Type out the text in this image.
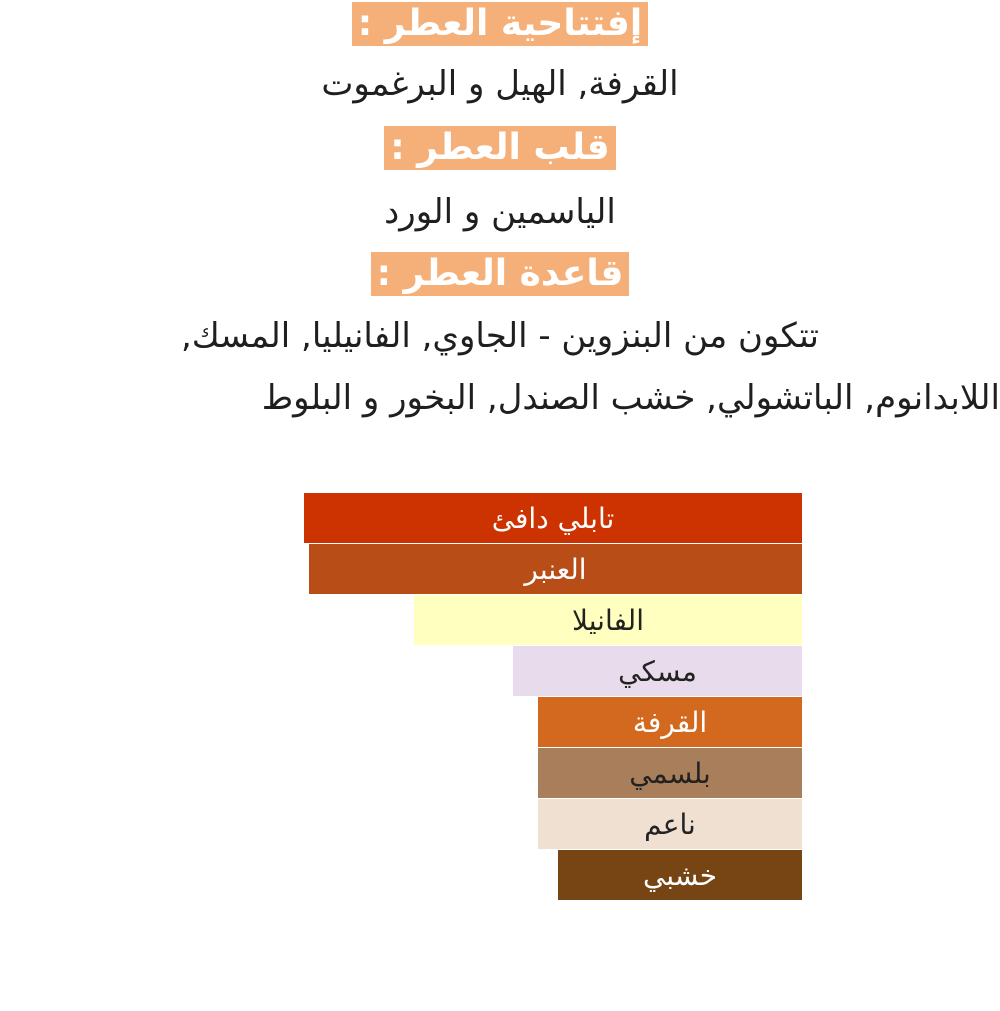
إفتتاحية العطر :
القرفة, الهيل و البرغموت
قلب العطر :
الياسمين و الورد
قاعدة العطر :
تتكون من البنزوين - الجاوي, الفانيليا, المسك,
اللابدانوم, الباتشولي, خشب الصندل, البخور و البلوط
تابلي دافئ
العنبر
الفانيلا
مسكي
القرفة
بلسمي
ناعم
خشبي
